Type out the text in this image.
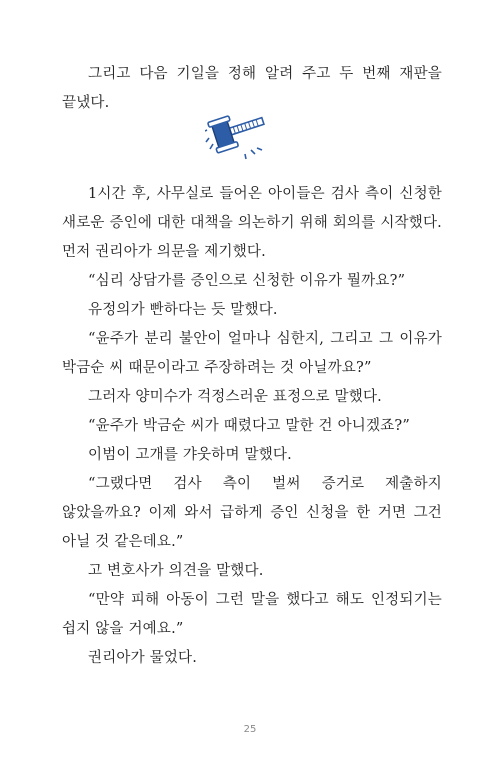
그리고 다음 기일을 정해 알려 주고 두 번째 재판을 끝냈다.

1시간 후, 사무실로 들어온 아이들은 검사 측이 신청한 새로운 증인에 대한 대책을 의논하기 위해 회의를 시작했다. 먼저 권리아가 의문을 제기했다.

“심리 상담가를 증인으로 신청한 이유가 뭘까요?”

유정의가 빤하다는 듯 말했다.

“윤주가 분리 불안이 얼마나 심한지, 그리고 그 이유가 박금순 씨 때문이라고 주장하려는 것 아닐까요?”

그러자 양미수가 걱정스러운 표정으로 말했다.

“윤주가 박금순 씨가 때렸다고 말한 건 아니겠죠?”

이범이 고개를 갸웃하며 말했다.

“그랬다면 검사 측이 벌써 증거로 제출하지 않았을까요? 이제 와서 급하게 증인 신청을 한 거면 그건 아닐 것 같은데요.”

고 변호사가 의견을 말했다.

“만약 피해 아동이 그런 말을 했다고 해도 인정되기는 쉽지 않을 거예요.”

권리아가 물었다.

25
